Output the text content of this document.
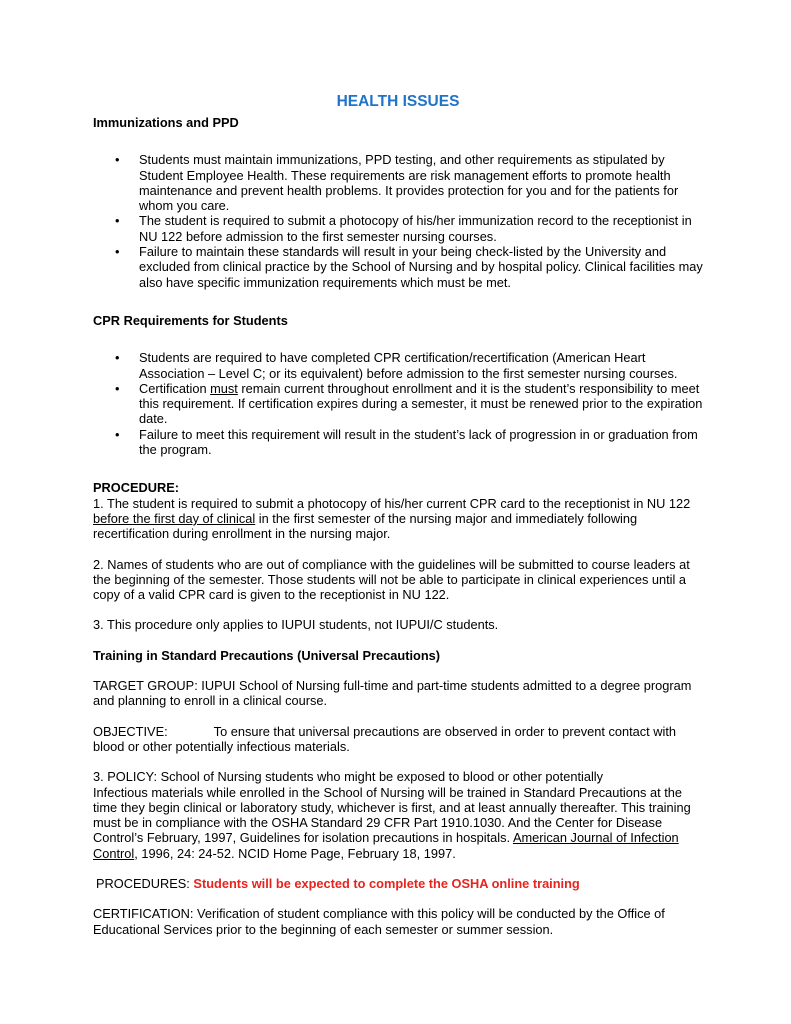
HEALTH ISSUES

Immunizations and PPD

• Students must maintain immunizations, PPD testing, and other requirements as stipulated by Student Employee Health. These requirements are risk management efforts to promote health maintenance and prevent health problems. It provides protection for you and for the patients for whom you care.
• The student is required to submit a photocopy of his/her immunization record to the receptionist in NU 122 before admission to the first semester nursing courses.
• Failure to maintain these standards will result in your being check-listed by the University and excluded from clinical practice by the School of Nursing and by hospital policy. Clinical facilities may also have specific immunization requirements which must be met.

CPR Requirements for Students

• Students are required to have completed CPR certification/recertification (American Heart Association – Level C; or its equivalent) before admission to the first semester nursing courses.
• Certification must remain current throughout enrollment and it is the student’s responsibility to meet this requirement. If certification expires during a semester, it must be renewed prior to the expiration date.
• Failure to meet this requirement will result in the student’s lack of progression in or graduation from the program.

PROCEDURE:

1. The student is required to submit a photocopy of his/her current CPR card to the receptionist in NU 122 before the first day of clinical in the first semester of the nursing major and immediately following recertification during enrollment in the nursing major.

2. Names of students who are out of compliance with the guidelines will be submitted to course leaders at the beginning of the semester. Those students will not be able to participate in clinical experiences until a copy of a valid CPR card is given to the receptionist in NU 122.

3. This procedure only applies to IUPUI students, not IUPUI/C students.

Training in Standard Precautions (Universal Precautions)

TARGET GROUP: IUPUI School of Nursing full-time and part-time students admitted to a degree program and planning to enroll in a clinical course.

OBJECTIVE:	To ensure that universal precautions are observed in order to prevent contact with blood or other potentially infectious materials.

3. POLICY: School of Nursing students who might be exposed to blood or other potentially

Infectious materials while enrolled in the School of Nursing will be trained in Standard Precautions at the time they begin clinical or laboratory study, whichever is first, and at least annually thereafter. This training must be in compliance with the OSHA Standard 29 CFR Part 1910.1030. And the Center for Disease Control’s February, 1997, Guidelines for isolation precautions in hospitals. American Journal of Infection Control, 1996, 24: 24-52. NCID Home Page, February 18, 1997.

PROCEDURES: Students will be expected to complete the OSHA online training

CERTIFICATION: Verification of student compliance with this policy will be conducted by the Office of Educational Services prior to the beginning of each semester or summer session.
